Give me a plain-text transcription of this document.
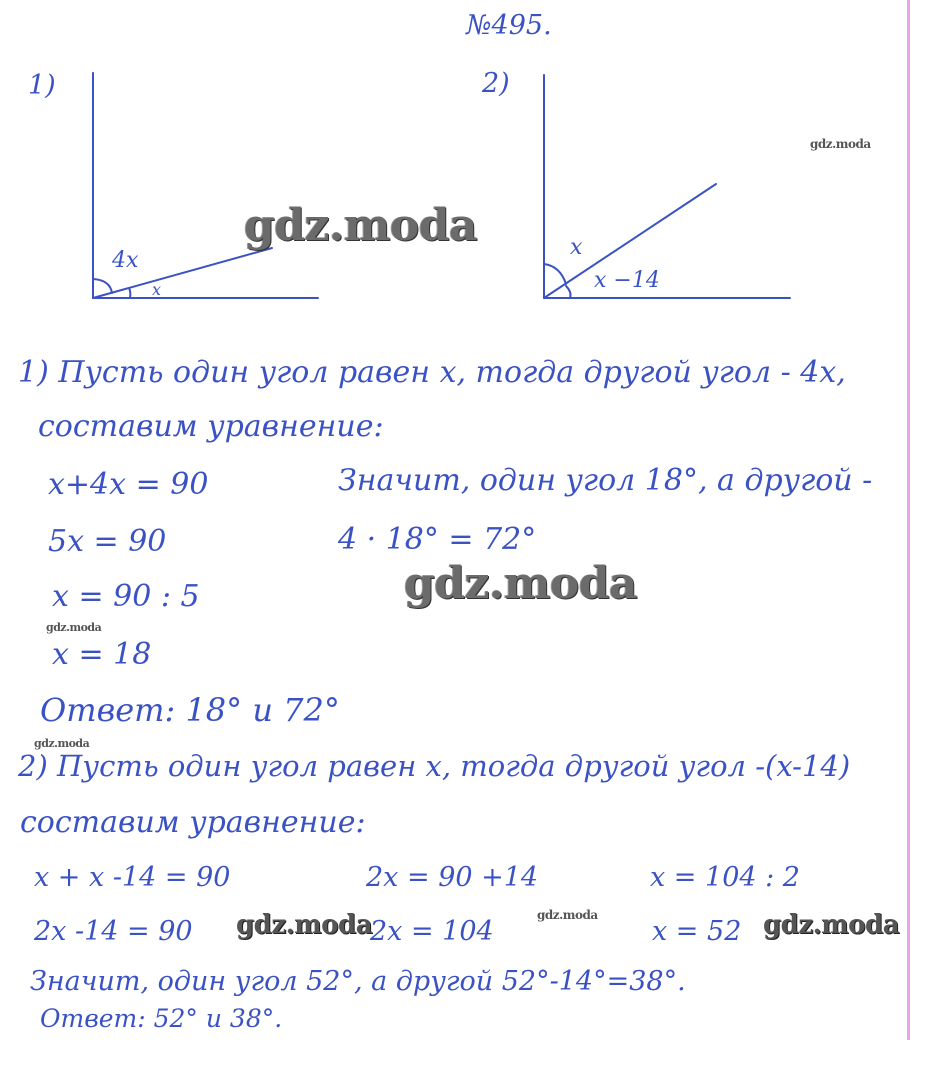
№495.
1)
4x
x
2)
x
x −14
1) Пусть один угол равен x, тогда другой угол - 4x,
составим уравнение:
x+4x = 90	Значит, один угол 18°, а другой -
5x = 90	4 · 18° = 72°
x = 90 : 5
x = 18
Ответ: 18° и 72°
2) Пусть один угол равен x, тогда другой угол -(x-14)
составим уравнение:
x + x -14 = 90	2x = 90 +14	x = 104 : 2
2x -14 = 90	2x = 104	x = 52
Значит, один угол 52°, а другой 52°-14°=38°.
Ответ: 52° и 38°.
gdz.moda
gdz.moda
gdz.moda
gdz.moda
gdz.moda
gdz.moda	gdz.moda	gdz.moda
